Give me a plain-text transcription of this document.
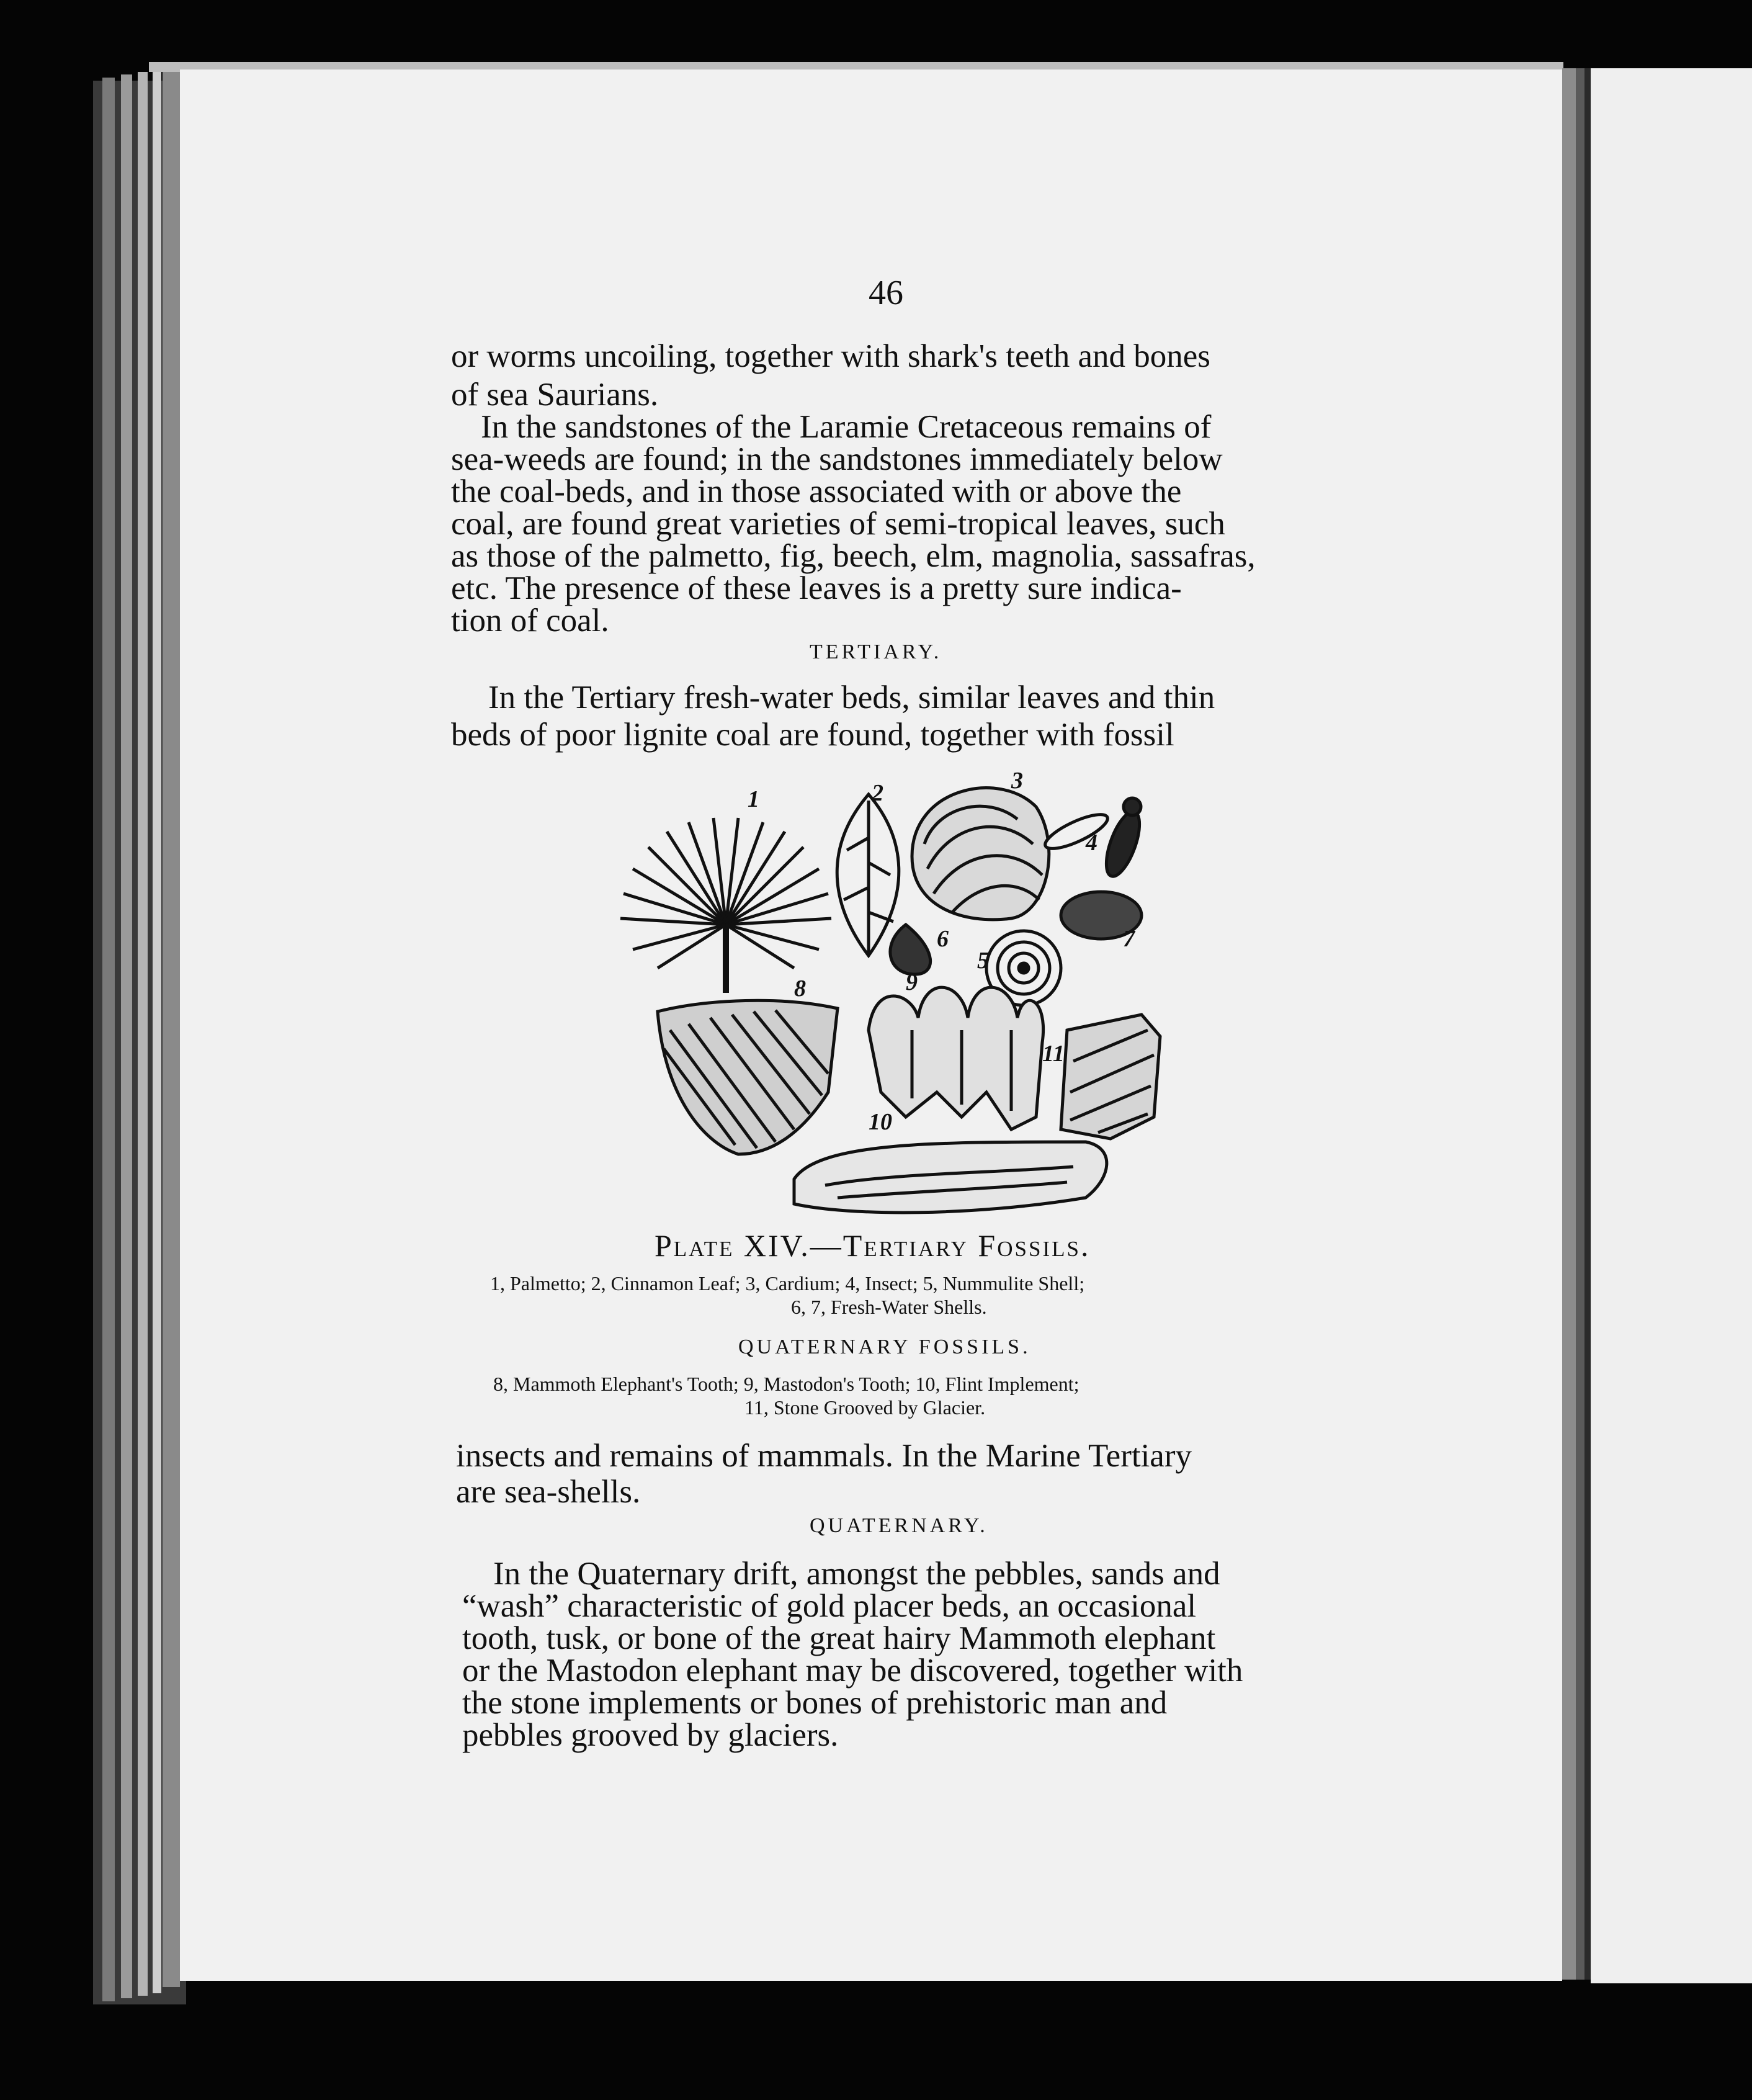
46
or worms uncoiling, together with shark's teeth and bones
of sea Saurians.
In the sandstones of the Laramie Cretaceous remains of
sea-weeds are found; in the sandstones immediately below
the coal-beds, and in those associated with or above the
coal, are found great varieties of semi-tropical leaves, such
as those of the palmetto, fig, beech, elm, magnolia, sassafras,
etc. The presence of these leaves is a pretty sure indica-
tion of coal.
TERTIARY.
In the Tertiary fresh-water beds, similar leaves and thin
beds of poor lignite coal are found, together with fossil
1	2	3
4
5
6	7
8	9
10
11
Plate XIV.—Tertiary Fossils.
1, Palmetto; 2, Cinnamon Leaf; 3, Cardium; 4, Insect; 5, Nummulite Shell;
6, 7, Fresh-Water Shells.
QUATERNARY FOSSILS.
8, Mammoth Elephant's Tooth; 9, Mastodon's Tooth; 10, Flint Implement;
11, Stone Grooved by Glacier.
insects and remains of mammals. In the Marine Tertiary
are sea-shells.
QUATERNARY.
In the Quaternary drift, amongst the pebbles, sands and
“wash” characteristic of gold placer beds, an occasional
tooth, tusk, or bone of the great hairy Mammoth elephant
or the Mastodon elephant may be discovered, together with
the stone implements or bones of prehistoric man and
pebbles grooved by glaciers.
